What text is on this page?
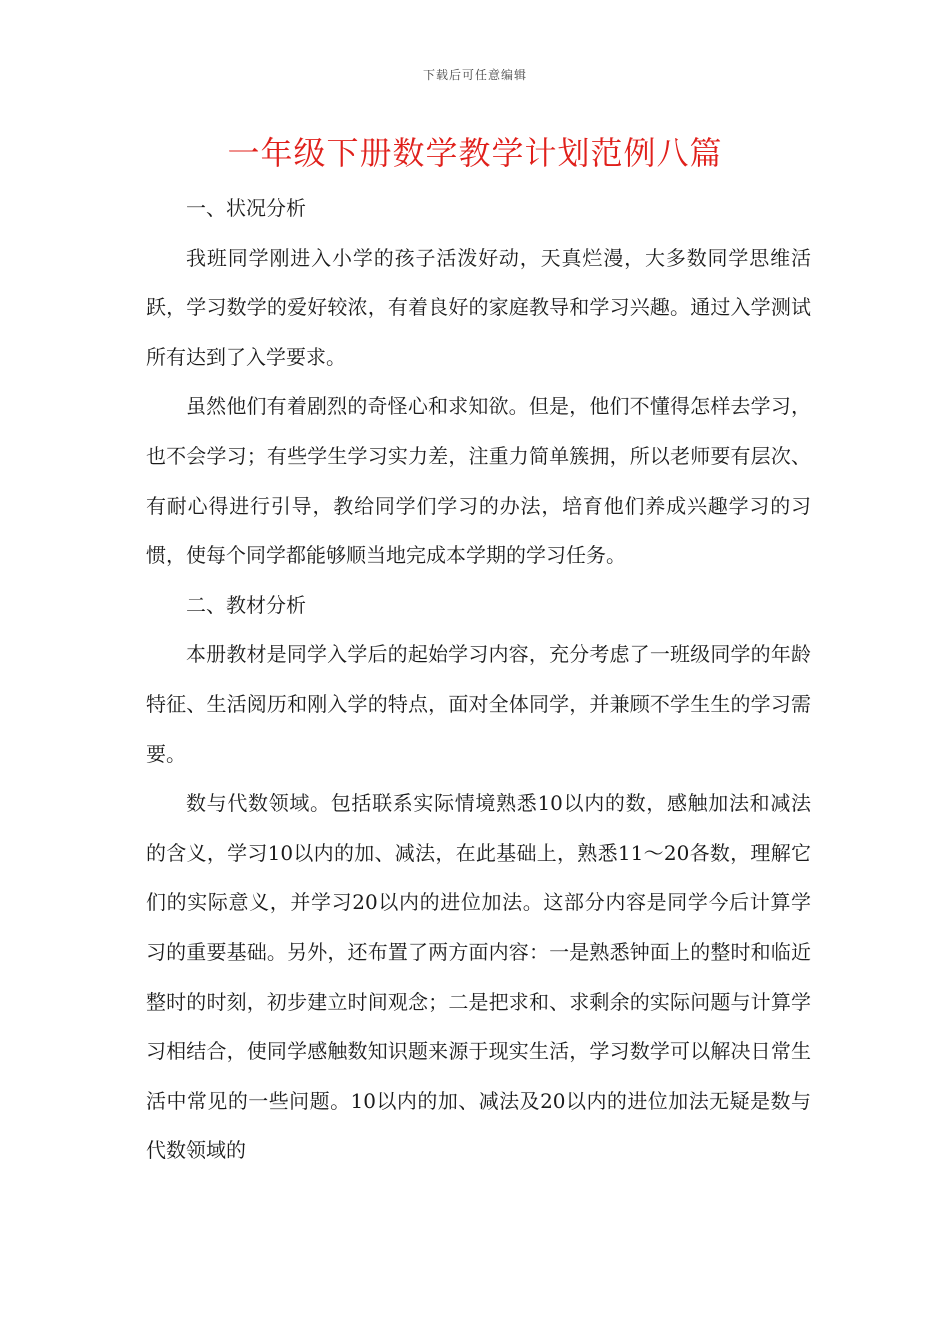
下载后可任意编辑
一年级下册数学教学计划范例八篇

一、状况分析

我班同学刚进入小学的孩子活泼好动，天真烂漫，大多数同学思维活跃，学习数学的爱好较浓，有着良好的家庭教导和学习兴趣。通过入学测试所有达到了入学要求。

虽然他们有着剧烈的奇怪心和求知欲。但是，他们不懂得怎样去学习，也不会学习；有些学生学习实力差，注重力简单簇拥，所以老师要有层次、有耐心得进行引导，教给同学们学习的办法，培育他们养成兴趣学习的习惯，使每个同学都能够顺当地完成本学期的学习任务。

二、教材分析

本册教材是同学入学后的起始学习内容，充分考虑了一班级同学的年龄特征、生活阅历和刚入学的特点，面对全体同学，并兼顾不学生生的学习需要。

数与代数领域。包括联系实际情境熟悉10以内的数，感触加法和减法的含义，学习10以内的加、减法，在此基础上，熟悉11～20各数，理解它们的实际意义，并学习20以内的进位加法。这部分内容是同学今后计算学习的重要基础。另外，还布置了两方面内容：一是熟悉钟面上的整时和临近整时的时刻，初步建立时间观念；二是把求和、求剩余的实际问题与计算学习相结合，使同学感触数知识题来源于现实生活，学习数学可以解决日常生活中常见的一些问题。10以内的加、减法及20以内的进位加法无疑是数与代数领域的
